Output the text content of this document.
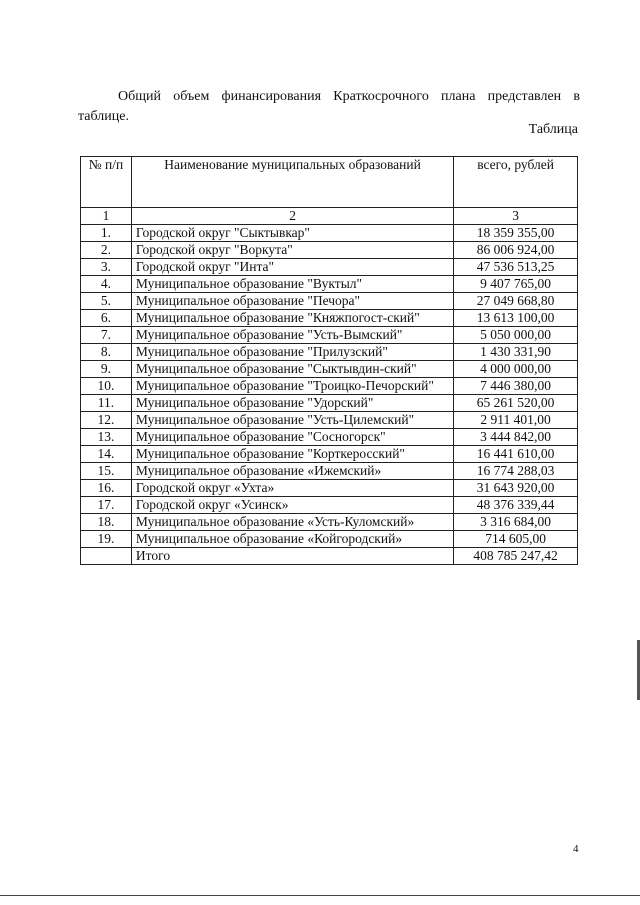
Общий объем финансирования Краткосрочного плана представлен в таблице.

Таблица
№ п/п	Наименование муниципальных образований	всего, рублей
1	2	3
1.	Городской округ "Сыктывкар"	18 359 355,00
2.	Городской округ "Воркута"	86 006 924,00
3.	Городской округ "Инта"	47 536 513,25
4.	Муниципальное образование "Вуктыл"	9 407 765,00
5.	Муниципальное образование "Печора"	27 049 668,80
6.	Муниципальное образование "Княжпогост-ский"	13 613 100,00
7.	Муниципальное образование "Усть-Вымский"	5 050 000,00
8.	Муниципальное образование "Прилузский"	1 430 331,90
9.	Муниципальное образование "Сыктывдин-ский"	4 000 000,00
10.	Муниципальное образование "Троицко-Печорский"	7 446 380,00
11.	Муниципальное образование "Удорский"	65 261 520,00
12.	Муниципальное образование "Усть-Цилемский"	2 911 401,00
13.	Муниципальное образование "Сосногорск"	3 444 842,00
14.	Муниципальное образование "Корткеросский"	16 441 610,00
15.	Муниципальное образование «Ижемский»	16 774 288,03
16.	Городской округ «Ухта»	31 643 920,00
17.	Городской округ «Усинск»	48 376 339,44
18.	Муниципальное образование «Усть-Куломский»	3 316 684,00
19.	Муниципальное образование «Койгородский»	714 605,00
	Итого	408 785 247,42
4
